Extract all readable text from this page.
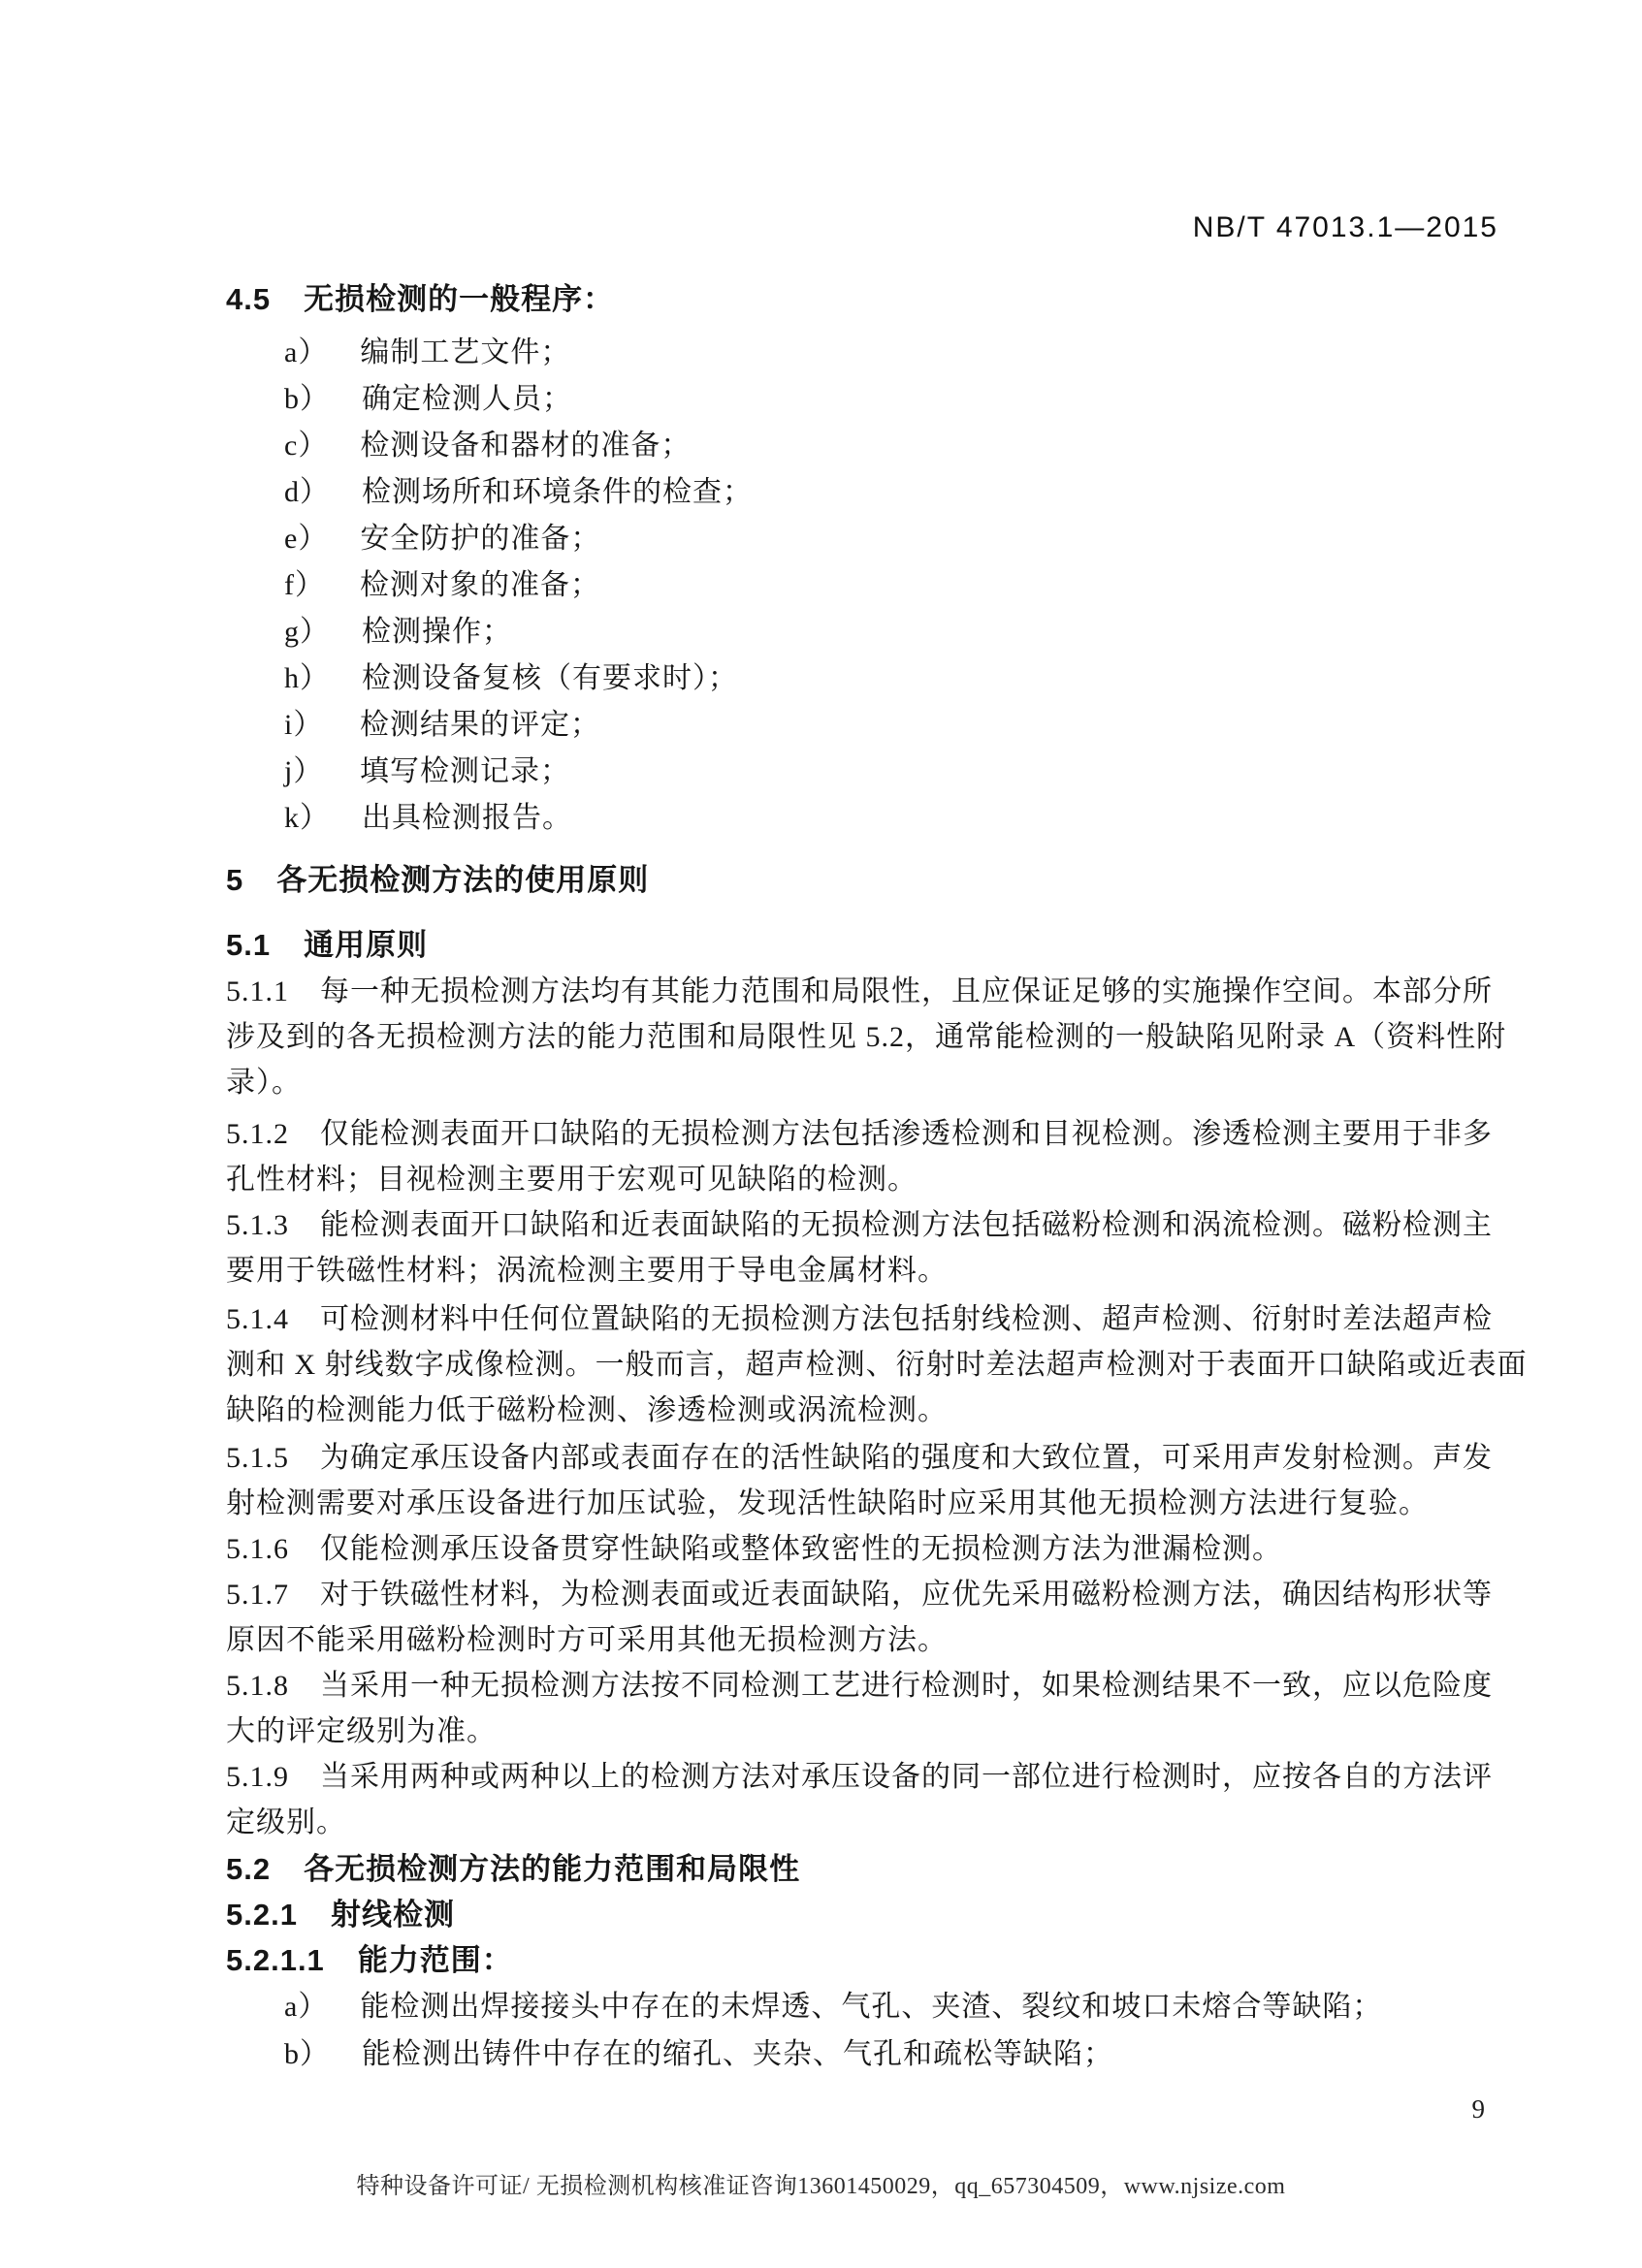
NB/T 47013.1—2015
4.5 无损检测的一般程序：
a） 编制工艺文件；
b） 确定检测人员；
c） 检测设备和器材的准备；
d） 检测场所和环境条件的检查；
e） 安全防护的准备；
f） 检测对象的准备；
g） 检测操作；
h） 检测设备复核（有要求时）；
i） 检测结果的评定；
j） 填写检测记录；
k） 出具检测报告。
5 各无损检测方法的使用原则
5.1 通用原则
5.1.1 每一种无损检测方法均有其能力范围和局限性，且应保证足够的实施操作空间。本部分所
涉及到的各无损检测方法的能力范围和局限性见 5.2，通常能检测的一般缺陷见附录 A（资料性附
录）。
5.1.2 仅能检测表面开口缺陷的无损检测方法包括渗透检测和目视检测。渗透检测主要用于非多
孔性材料；目视检测主要用于宏观可见缺陷的检测。
5.1.3 能检测表面开口缺陷和近表面缺陷的无损检测方法包括磁粉检测和涡流检测。磁粉检测主
要用于铁磁性材料；涡流检测主要用于导电金属材料。
5.1.4 可检测材料中任何位置缺陷的无损检测方法包括射线检测、超声检测、衍射时差法超声检
测和 X 射线数字成像检测。一般而言，超声检测、衍射时差法超声检测对于表面开口缺陷或近表面
缺陷的检测能力低于磁粉检测、渗透检测或涡流检测。
5.1.5 为确定承压设备内部或表面存在的活性缺陷的强度和大致位置，可采用声发射检测。声发
射检测需要对承压设备进行加压试验，发现活性缺陷时应采用其他无损检测方法进行复验。
5.1.6 仅能检测承压设备贯穿性缺陷或整体致密性的无损检测方法为泄漏检测。
5.1.7 对于铁磁性材料，为检测表面或近表面缺陷，应优先采用磁粉检测方法，确因结构形状等
原因不能采用磁粉检测时方可采用其他无损检测方法。
5.1.8 当采用一种无损检测方法按不同检测工艺进行检测时，如果检测结果不一致，应以危险度
大的评定级别为准。
5.1.9 当采用两种或两种以上的检测方法对承压设备的同一部位进行检测时，应按各自的方法评
定级别。
5.2 各无损检测方法的能力范围和局限性
5.2.1 射线检测
5.2.1.1 能力范围：
a） 能检测出焊接接头中存在的未焊透、气孔、夹渣、裂纹和坡口未熔合等缺陷；
b） 能检测出铸件中存在的缩孔、夹杂、气孔和疏松等缺陷；
9
特种设备许可证/ 无损检测机构核准证咨询13601450029，qq_657304509，www.njsize.com
